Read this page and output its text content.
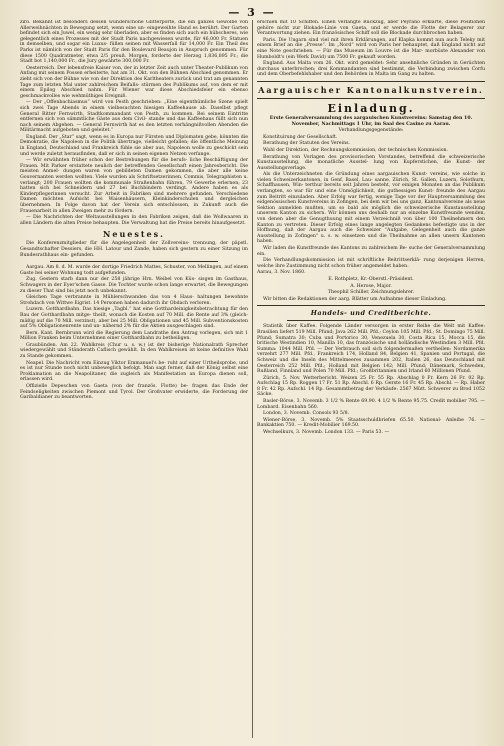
— 3 —

ziro. Bekannt ist besonders dessen wunderschöne Glitterporte, die ein ganzes Gewölbe von Allerweihnächten in Bewegung setzt, wenn eine un- eingeweihte Hand es berührt. Der Garten befindet sich ein Juwel, ein wenig sehr überladen, aber es finden sich auch ein hübscheres, wie gelegentlich eines Prozesses mit der Stadt Paris nachgewiesen wurde, für 46,000 Fr. Statuen in demselben, und sogar ein Luxus- füllen seinen mit Wasserfall für 14,000 Fr. Ein Theil des Parks ist nämlich von der Stadt Paris für den Boulevard Beaujon in Anspruch genommen. Für diese 1500 Quadratmeter, etwa 2/5 preuß. Morgen, forderte der Herzog 1,836,895 Fr.; die Stadt bot 1,140,000 Fr., die Jury gewährte 300,000 Fr.

Oesterreich. Der lebensfreie Kaiser von, der in letzter Zeit auch unter Theater-Publikum von Anfang mit seinem Possen erheiterte, hat am 31. Okt. von den Bühnen Abschied genommen. Er zieht sich von der Bühne wie von der Direktion des Karltheaters zurück und trat am genannten Tage zum letzten Mal unter zahlreichem Beifalls- stürmen des Publikums auf, von dem er mit einem Epilog Abschied nahm. Für Wiener war diese Abschiedsfeier ein ebenso geschmackvolles wie wehmüthiges Ereigniß.

— Der „Offenbachiasmus“ wird von Pesth geschrieben: „Eine eigenthümliche Szene spielt sich zwei Tage Abends in einem vielbesuchten hiesigen Kaffeehause ab. Daselbst pflegt General Ritter Fernwirth, Stadtkommandant von Pesth, zu kommen. Bei seinem Eintritte entfernen sich von sämmtliche Gäste aus dem Civil- stande und das Kaffeehaus füllt sich nun nach seinem Abgehen. — General Fernwirth hat es den letzten verhängnißvollen Abenden die Militärmacht aufgeboten und geleitet.“

England. Der „Star“ sagt, wenn es in Europa nur Fürsten und Diplomaten gebe, könnten die Demokratie, die Napoleon in die Politik übertrage, vielleicht gefallen; die öffentliche Meinung in England, Deutschland und Frankreich fühle sie aber aus, Napoleon wolle zu geschickt sein und werde zuletzt herausfinden, daß er sich in seinen eigenen Netzen verfange.

— Wir erwähnten früher schon der Bestrebungen für die berufs- liche Beschäftigung der Frauen. Mit Parker erstattete neulich der betreffenden Gesellschaft einen Jahresbericht. Die meisten Anmel- dungen waren von gebildeten Damen gekommen, die aber alle keine Gouvernanten werden wollten. Viele wurden als Schriftsetzerinnen, Commis, Telegraphisten u. verlangt; 200 Frauen wollten die kommunale Straßenbahn führen, 79 Gewerbe erlernen; 23 hatten sich bei Schneidern und 27 bei Buchbindern verdingt. Andere haben es als Kinderpflegerinnen versucht. Zur Arbeit in Fabriken sind mehrere gefunden. Verschiedene Damen möchten Aufsicht bei Waisenhäusern, Kleinkinderschulen und dergleichen übernehmen. In Folge davon hat der Verein sich entschlossen, in Zukunft auch die Frauenarbeit in allen Zweigen mehr zu fördern.

— Die Nachrichten der Weltausstellungen in den Fabriken zeigen, daß die Wollwaaren in allen Ländern die alten Preise behaupten. Die Verwaltung hat die Preise bereits hinaufgesetzt.

Neuestes.

Die Konferenzmitglieder für die Angelegenheit der Zollvereins- trennung, der päpstl. Gesandtschafter Dessiers, die HH. Latour und Zande, haben sich gestern zu einer Sitzung im Bundesrathhaus ein- gefunden.

Aargau. Am 8. d. M. wurde der dortige Friedrich Mattes, Schuster, von Mellingen, auf einem Gaste bei seiner Wohnung todt aufgefunden.

Zug. Gestern starb dann nur der 258 jährige Hrn. Weibel von Küs- sisgen im Gasthaus, Schwagers in der Eyer'schen Gasse. Die Tochter wurde schon lange erwartet, die Bewegungen zu dieser That sind bis jetzt noch unbekannt.

Gleichen Tage verbrannte in Mühlerschwanden das von 4 Haus- haltungen bewohnte Strohdach von Wittwe Eigrist. 14 Personen haben dadurch ihr Obdach verloren.

Luzern. Gotthardbahn. Das hiesige „Tagbl.“ hat eine Gotthardeinigkeitsbetrachtung für den Bau der Gotthardbahn mitge- theilt, wonach die Kosten auf 70 Mill. die Rente auf 3% (gleich- mäßig auf die 70 Mill. verzinst), aber bei 25 Mill. Obligationen und 45 Mill. Subventionskosten auf 5% Obligationenrente und un- nähernd 2% für die Aktien ausgeschlagen sind.

Bern. Kant. Bernbrunn wird die Regierung dem Landrathe den Antrag vorlegen, sich mit 1 Million Franken beim Unternehmen einer Gotthardbahn zu betheiligen.

Graubünden. Am 22. Wahlkreis (Chur u. s. w.) ist der bisherige Nationalrath Sprecher wiedergewählt und Ständerath Caflisch gewählt. In den Wahlkreisen ist keine definitive Wahl zu Stande gekommen.

Neapel. Die Nachricht vom Einzug Viktor Emmanuel's be- ruht auf einer Urtheilsprobe, und es ist nur Stunde noch nicht unbeweglich befolgt. Man sagt ferner, daß der König selbst eine Proklamation an die Neapolitaner, die zugleich als Manifestation an Europa dienen soll, erlassen wird.

Offizielle Depeschen von Gaeta (von der französ. Flotte) be- fragen das Ende der Feindseligkeiten zwischen Piemont und Tyrol. Der Großvater erwiderte, die Forderung der Garibaldianer zu beantworten.

erschien mit 10 Schiffen. Einen verlangte Rückzug, aber Peyrano erklärte, diese Positionen gehöre nicht zur Blokade-Linie von Gaeta, und er werde die Flotte der Belagerer zur Verantwortung ziehen. Ein französisches Schiff soll die Blockade durchbrochen haben.

Paris. Die Ungarn sind viel mit ihren Erklärungen, auf Klapka kommt nun auch Teleky mit einem Brief an die „Presse“. Im „Nord“ wird von Paris her behauptet, daß England nicht auf eine Note geschrieben. — Für das Museum im Louvre ist die Mar- morbüste Alexander von Humboldt's (ein Werk David) um 7500 Fr. gekauft worden.

England. Aus Malta vom 26. Okt. wird gemeldet: Sehr ansehnliche Gründen in Gerüchten durchaus unterbrochen; drei Kommandanten sind bestimmt, die Verbindung zwischen Corfu und dem Oberbefehlshaber und den Behörden in Malta im Gang zu halten.

Aargauischer Kantonalkunstverein.
Einladung.

Erste Generalversammlung des aargauischen Kunstvereins: Samstag den 10. November, Nachmittags 1 Uhr, im Saal des Casino zu Aarau.

Verhandlungsgegenstände:

Konstituirung der Gesellschaft.

Berathung der Statuten des Vereins.

Wahl der Direktion, der Rechnungskommission, der technischen Kommission.

Berathung von Vorlagen des provisorischen Vorstandes, betreffend die schweizerische Kunstausstellung, die monatliche Ausstel- lung von Kupferstichen, die Kunst- der Ausstellungsverlage.

Als die Unterzeichneten die Gründung eines aargauischen Kunst- vereins, wie solche in vielen Schweizerkantonen, in Genf, Basel, Lau- sanne, Zürich, St. Gallen, Luzern, Solothurn, Schaffhausen, Win- terthur bereits seit Jahren besteht, vor einigen Monaten an das Publikum verlangten, so war für und eine Unmöglichkeit, die guthessigen Kunst- freunde des Aargau zum Beitritt einzuladen. Aber Erfolg war fertig, wenige Tage vor der Hauptversammlung des eidgenössischen Kunstvereins in Zofingen, bei dem wir bei uns ganz, Kantonalvereine als neue Sektion anmelden mußten, um so bald als möglich die schweizerische Kunstausstellung unserem Kanton zu sichern. Wir können uns deshalb nur an einzelne Kunstfreunde wenden, von denen aber die Genugthuung mit einem Verzeichniß von über 100 Theilnehmern den Kanton zu vertreten. Dieser Erfolg eines lange angelegten Gedankens befestigte uns in der Hoffnung, daß der Aargau auch die Schweizer "Aufgabe, Gelegenheit auch die ganze Ausstellung in Zofingen" u. s. w. einsetzen und die Theilnahme an allen unsern Kantonen haben.

Wir laden die Kunstfreunde des Kantons zu zahlreichem Be- suche der Generalversammlung ein.

Die Verhandlungskommission ist mit schriftliche Beitrittserklä- rung derjenigen Herren, welche ihre Zustimmung nicht schon früher angemeldet haben.

Aarau, 3. Nov. 1860.

E. Rothpletz, Kr.-Oberstl.-Präsident.

A. Herose, Major.

Theophil Schiller, Zeichnungslehrer.

Wir bitten die Redaktionen der aarg. Blätter um Aufnahme dieser Einladung.

Handels- und Creditberichte.

Statistik über Kaffee. Folgende Länder versorgen in erster Reihe die Welt mit Kaffee: Brasilien liefert 519 Mill. Pfund; Java 262 Mill. Pfd.; Ceylon 105 Mill. Pfd.; St. Domingo 75 Mill. Pfund; Sumatra 30; Cuba und Portorico 30, Venezuela 30, Costa Rica 15, Mocca 15, die britische Westindien 10, Manilla 10, das französische und holländische Westindien 3 Mill. Pfd. Summa: 1044 Mill. Pfd. — Der Verbrauch soll sich folgendermaßen vertheilen: Nordamerika verzehrt 277 Mill. Pfd., Frankreich 174, Holland 84, Belgien 41, Spanien und Portugal, die Schweiz und die Inseln des Mittelmeeres zusammen 202, Italien 26, das Deutschland mit Oesterreich 252 Mill. Pfd.; Holland mit Belgien 142; Mill. Pfund; Dänemark, Schweden, Rußland, Finnland und Polen 70 Mill. Pfd.; Großbritannien und Irland 60 Millionen Pfund.

Zürich, 5. Nov. Wetterbericht. Weizen 25 Fr. 55 Rp. Abschlag 0 Fr. Kern 26 Fr. 02 Rp. Aufschlag 15 Rp. Roggen 17 Fr. 51 Rp. Abschl. 6 Rp. Gerste 16 Fr. 45 Rp. Abschl. — Rp. Haber 8 Fr. 42 Rp. Aufschl. 14 Rp. Gesammtbetrag der Verkäufe: 2567 Mütt. Schwerer zu Brod 1052 Säcke.

Basler-Börse, 3. Novemb. 3 1/2 % Rente 69.90. 4 1/2 % Rente 95.75. Credit mobilier 795. — Lombard. Eisenbahn 560.

London, 3. Novemb. Consols 93 5/8.

Wiener-Börse, 3. Novemb. 5% Staatsschuldbriefen 65.50. National- Anleihe 76. — Bankaktien 750. — Kredit-Mobilier 169.50.

Wechselkurs, 3. Novemb. London 133. — Paris 53. —
